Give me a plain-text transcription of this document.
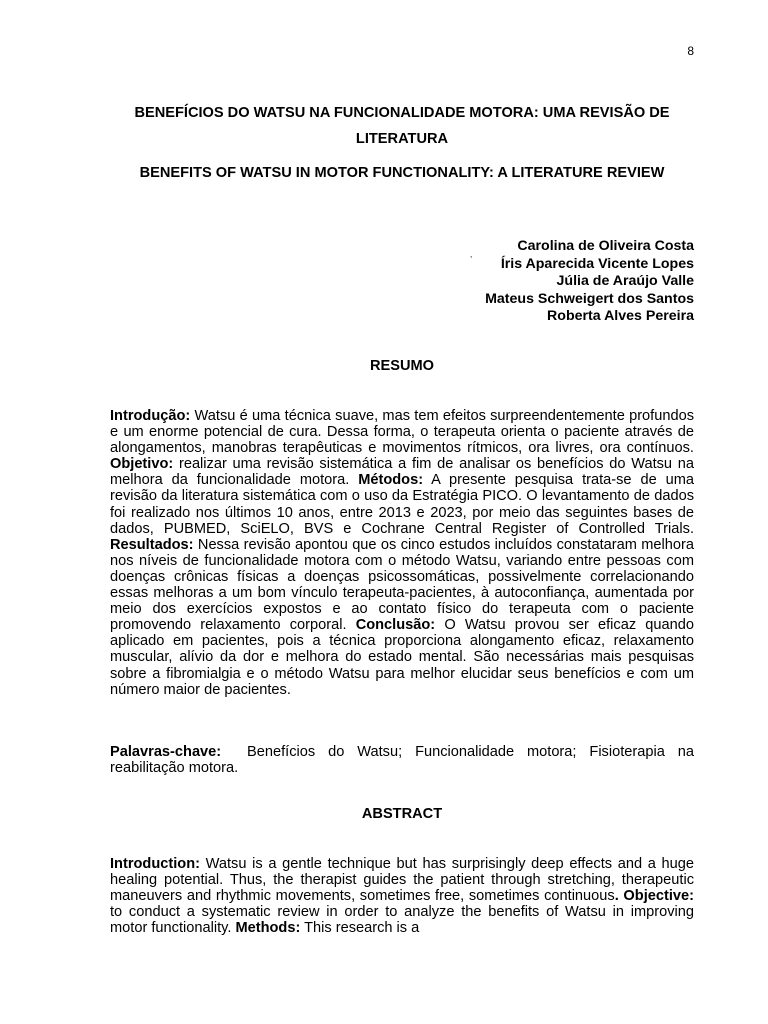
8
BENEFÍCIOS DO WATSU NA FUNCIONALIDADE MOTORA: UMA REVISÃO DE LITERATURA
BENEFITS OF WATSU IN MOTOR FUNCTIONALITY: A LITERATURE REVIEW
,
Carolina de Oliveira Costa
Íris Aparecida Vicente Lopes
Júlia de Araújo Valle
Mateus Schweigert dos Santos
Roberta Alves Pereira
RESUMO
Introdução: Watsu é uma técnica suave, mas tem efeitos surpreendentemente profundos e um enorme potencial de cura. Dessa forma, o terapeuta orienta o paciente através de alongamentos, manobras terapêuticas e movimentos rítmicos, ora livres, ora contínuos. Objetivo: realizar uma revisão sistemática a fim de analisar os benefícios do Watsu na melhora da funcionalidade motora. Métodos: A presente pesquisa trata-se de uma revisão da literatura sistemática com o uso da Estratégia PICO. O levantamento de dados foi realizado nos últimos 10 anos, entre 2013 e 2023, por meio das seguintes bases de dados, PUBMED, SciELO, BVS e Cochrane Central Register of Controlled Trials. Resultados: Nessa revisão apontou que os cinco estudos incluídos constataram melhora nos níveis de funcionalidade motora com o método Watsu, variando entre pessoas com doenças crônicas físicas a doenças psicossomáticas, possivelmente correlacionando essas melhoras a um bom vínculo terapeuta-pacientes, à autoconfiança, aumentada por meio dos exercícios expostos e ao contato físico do terapeuta com o paciente promovendo relaxamento corporal. Conclusão: O Watsu provou ser eficaz quando aplicado em pacientes, pois a técnica proporciona alongamento eficaz, relaxamento muscular, alívio da dor e melhora do estado mental. São necessárias mais pesquisas sobre a fibromialgia e o método Watsu para melhor elucidar seus benefícios e com um número maior de pacientes.
Palavras-chave:  Benefícios do Watsu; Funcionalidade motora; Fisioterapia na reabilitação motora.
ABSTRACT
Introduction: Watsu is a gentle technique but has surprisingly deep effects and a huge healing potential. Thus, the therapist guides the patient through stretching, therapeutic maneuvers and rhythmic movements, sometimes free, sometimes continuous. Objective: to conduct a systematic review in order to analyze the benefits of Watsu in improving motor functionality. Methods: This research is a
